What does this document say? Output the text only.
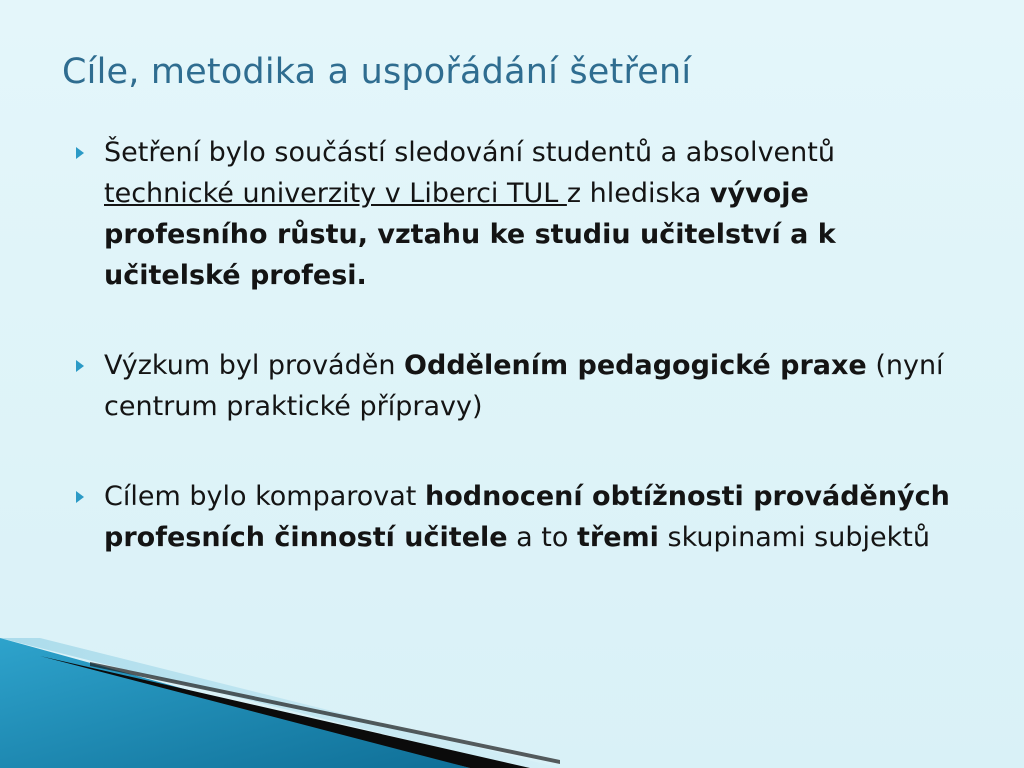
Cíle, metodika a uspořádání šetření
Šetření bylo součástí sledování studentů a absolventů technické univerzity v Liberci TUL z hlediska vývoje profesního růstu, vztahu ke studiu učitelství a k učitelské profesi.
Výzkum byl prováděn Oddělením pedagogické praxe (nyní centrum praktické přípravy)
Cílem bylo komparovat hodnocení obtížnosti prováděných profesních činností učitele a to třemi skupinami subjektů
